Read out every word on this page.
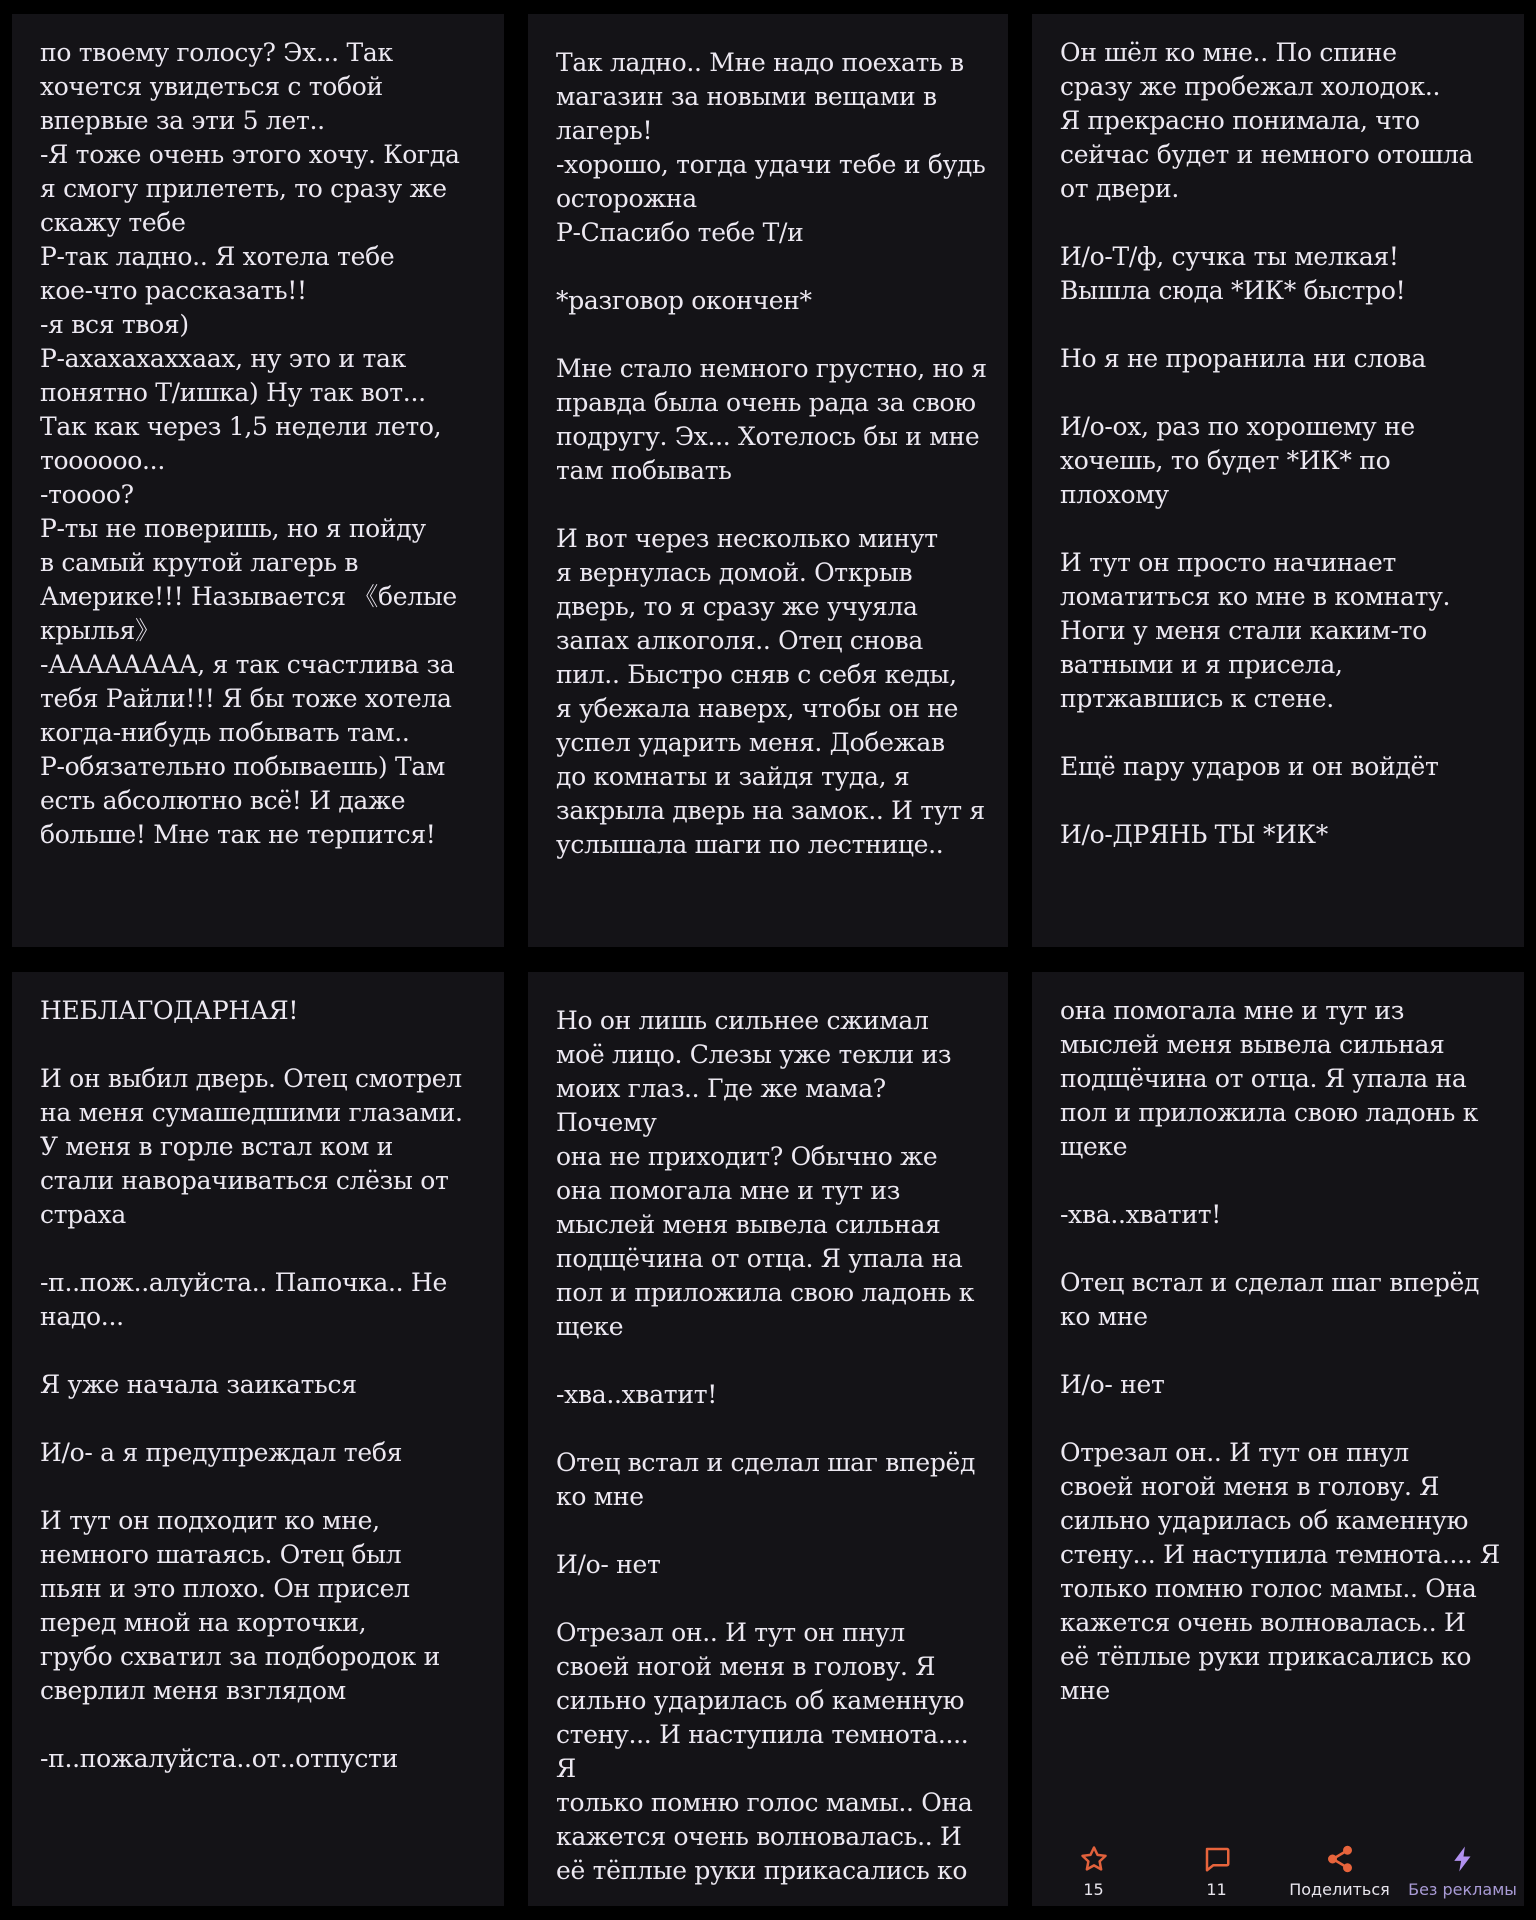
по твоему голосу? Эх... Так
хочется увидеться с тобой
впервые за эти 5 лет..
-Я тоже очень этого хочу. Когда
я смогу прилететь, то сразу же
скажу тебе
Р-так ладно.. Я хотела тебе
кое-что рассказать!!
-я вся твоя)
Р-ахахахаххаах, ну это и так
понятно Т/ишка) Ну так вот...
Так как через 1,5 недели лето,
тоооооо...
-тоооо?
Р-ты не поверишь, но я пойду
в самый крутой лагерь в
Америке!!! Называется 《белые
крылья》
-АААААААА, я так счастлива за
тебя Райли!!! Я бы тоже хотела
когда-нибудь побывать там..
Р-обязательно побываешь) Там
есть абсолютно всё! И даже
больше! Мне так не терпится!

Так ладно.. Мне надо поехать в
магазин за новыми вещами в
лагерь!
-хорошо, тогда удачи тебе и будь
осторожна
Р-Спасибо тебе Т/и

*разговор окончен*

Мне стало немного грустно, но я
правда была очень рада за свою
подругу. Эх... Хотелось бы и мне
там побывать

И вот через несколько минут
я вернулась домой. Открыв
дверь, то я сразу же учуяла
запах алкоголя.. Отец снова
пил.. Быстро сняв с себя кеды,
я убежала наверх, чтобы он не
успел ударить меня. Добежав
до комнаты и зайдя туда, я
закрыла дверь на замок.. И тут я
услышала шаги по лестнице..

Он шёл ко мне.. По спине
сразу же пробежал холодок..
Я прекрасно понимала, что
сейчас будет и немного отошла
от двери.

И/о-Т/ф, сучка ты мелкая!
Вышла сюда *ИК* быстро!

Но я не проранила ни слова

И/о-ох, раз по хорошему не
хочешь, то будет *ИК* по
плохому

И тут он просто начинает
ломатиться ко мне в комнату.
Ноги у меня стали каким-то
ватными и я присела,
пртжавшись к стене.

Ещё пару ударов и он войдёт

И/о-ДРЯНЬ ТЫ *ИК*

НЕБЛАГОДАРНАЯ!

И он выбил дверь. Отец смотрел
на меня сумашедшими глазами.
У меня в горле встал ком и
стали наворачиваться слёзы от
страха

-п..пож..алуйста.. Папочка.. Не
надо...

Я уже начала заикаться

И/о- а я предупреждал тебя

И тут он подходит ко мне,
немного шатаясь. Отец был
пьян и это плохо. Он присел
перед мной на корточки,
грубо схватил за подбородок и
сверлил меня взглядом

-п..пожалуйста..от..отпусти

Но он лишь сильнее сжимал
моё лицо. Слезы уже текли из
моих глаз.. Где же мама? Почему
она не приходит? Обычно же
она помогала мне и тут из
мыслей меня вывела сильная
подщёчина от отца. Я упала на
пол и приложила свою ладонь к
щеке

-хва..хватит!

Отец встал и сделал шаг вперёд
ко мне

И/о- нет

Отрезал он.. И тут он пнул
своей ногой меня в голову. Я
сильно ударилась об каменную
стену... И наступила темнота.... Я
только помню голос мамы.. Она
кажется очень волновалась.. И
её тёплые руки прикасались ко

она помогала мне и тут из
мыслей меня вывела сильная
подщёчина от отца. Я упала на
пол и приложила свою ладонь к
щеке

-хва..хватит!

Отец встал и сделал шаг вперёд
ко мне

И/о- нет

Отрезал он.. И тут он пнул
своей ногой меня в голову. Я
сильно ударилась об каменную
стену... И наступила темнота.... Я
только помню голос мамы.. Она
кажется очень волновалась.. И
её тёплые руки прикасались ко
мне

15	11	Поделиться Без рекламы
